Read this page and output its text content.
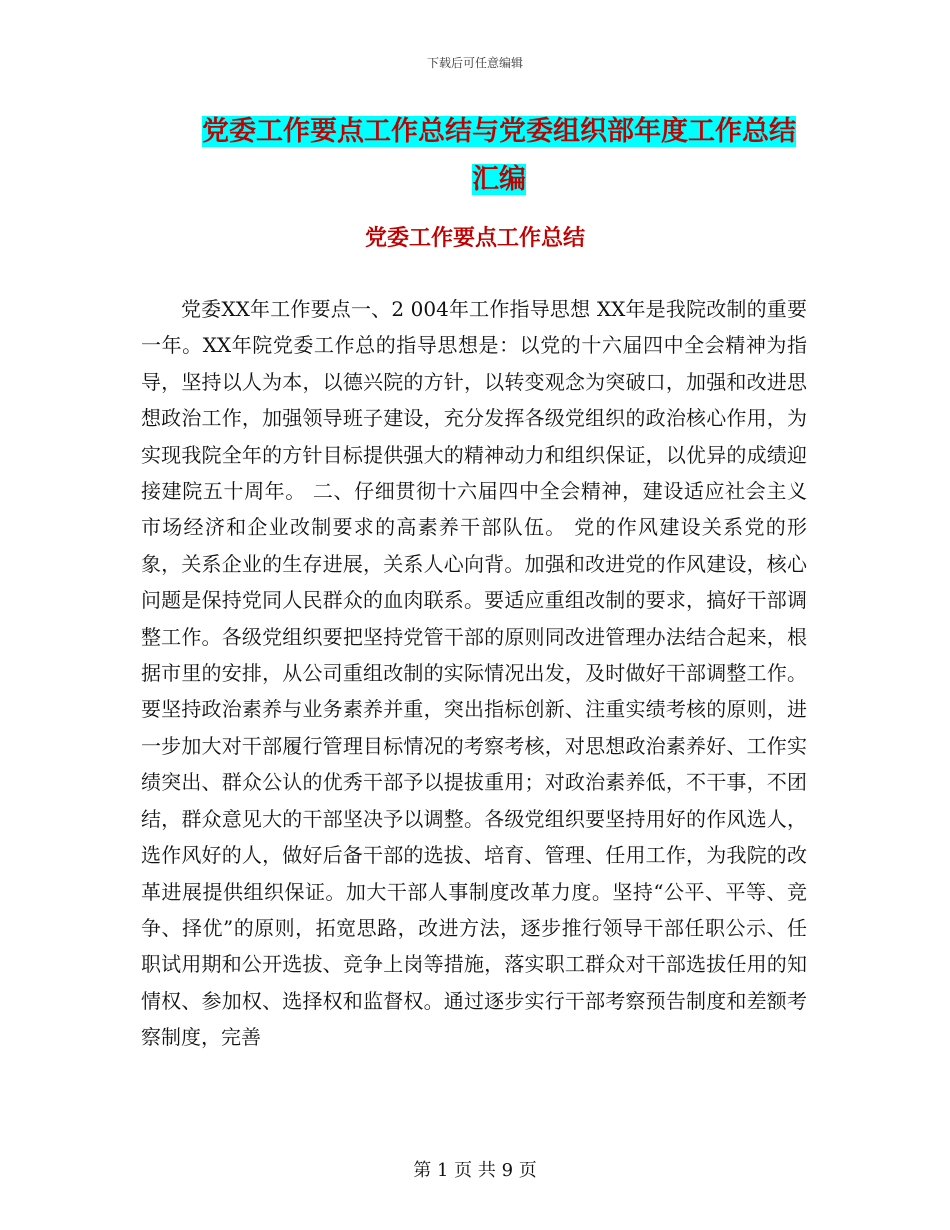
下载后可任意编辑
党委工作要点工作总结与党委组织部年度工作总结汇编
党委工作要点工作总结

党委XX年工作要点一、2 004年工作指导思想 XX年是我院改制的重要一年。XX年院党委工作总的指导思想是：以党的十六届四中全会精神为指导，坚持以人为本，以德兴院的方针，以转变观念为突破口，加强和改进思想政治工作，加强领导班子建设，充分发挥各级党组织的政治核心作用，为实现我院全年的方针目标提供强大的精神动力和组织保证，以优异的成绩迎接建院五十周年。 二、仔细贯彻十六届四中全会精神，建设适应社会主义市场经济和企业改制要求的高素养干部队伍。 党的作风建设关系党的形象，关系企业的生存进展，关系人心向背。加强和改进党的作风建设，核心问题是保持党同人民群众的血肉联系。要适应重组改制的要求，搞好干部调整工作。各级党组织要把坚持党管干部的原则同改进管理办法结合起来，根据市里的安排，从公司重组改制的实际情况出发，及时做好干部调整工作。要坚持政治素养与业务素养并重，突出指标创新、注重实绩考核的原则，进一步加大对干部履行管理目标情况的考察考核，对思想政治素养好、工作实绩突出、群众公认的优秀干部予以提拔重用；对政治素养低，不干事，不团结，群众意见大的干部坚决予以调整。各级党组织要坚持用好的作风选人，选作风好的人，做好后备干部的选拔、培育、管理、任用工作，为我院的改革进展提供组织保证。加大干部人事制度改革力度。坚持“公平、平等、竞争、择优”的原则，拓宽思路，改进方法，逐步推行领导干部任职公示、任职试用期和公开选拔、竞争上岗等措施，落实职工群众对干部选拔任用的知情权、参加权、选择权和监督权。通过逐步实行干部考察预告制度和差额考察制度，完善

第 1 页 共 9 页
